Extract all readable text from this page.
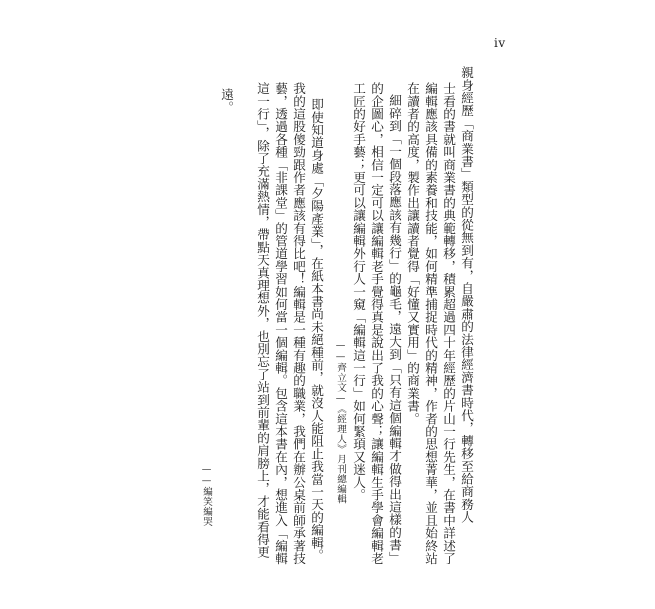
iv
親身經歷「商業書」類型的從無到有，自嚴肅的法律經濟書時代，轉移至給商務人
士看的書就叫商業書的典範轉移，積累超過四十年經歷的片山一行先生，在書中詳述了
編輯應該具備的素養和技能，如何精準捕捉時代的精神，作者的思想菁華，並且始終站
在讀者的高度，製作出讓讀者覺得「好懂又實用」的商業書。
細碎到「一個段落應該有幾行」的龜毛，遠大到「只有這個編輯才做得出這樣的書」
的企圖心，相信一定可以讓編輯老手覺得真是說出了我的心聲；讓編輯生手學會編輯老
工匠的好手藝；更可以讓編輯外行人一窺「編輯這一行」如何緊頊又迷人。
——齊立文—《經理人》月刊總編輯
即使知道身處「夕陽產業」，在紙本書尚未絕種前，就沒人能阻止我當一天的編輯。
我的這股傻勁跟作者應該有得比吧！編輯是一種有趣的職業，我們在辦公桌前師承著技
藝，透過各種「非課堂」的管道學習如何當一個編輯。包含這本書在內，想進入「編輯
這一行」，除了充滿熱情，帶點天真理想外，也別忘了站到前輩的肩膀上，才能看得更
遠。
——編笑編哭
